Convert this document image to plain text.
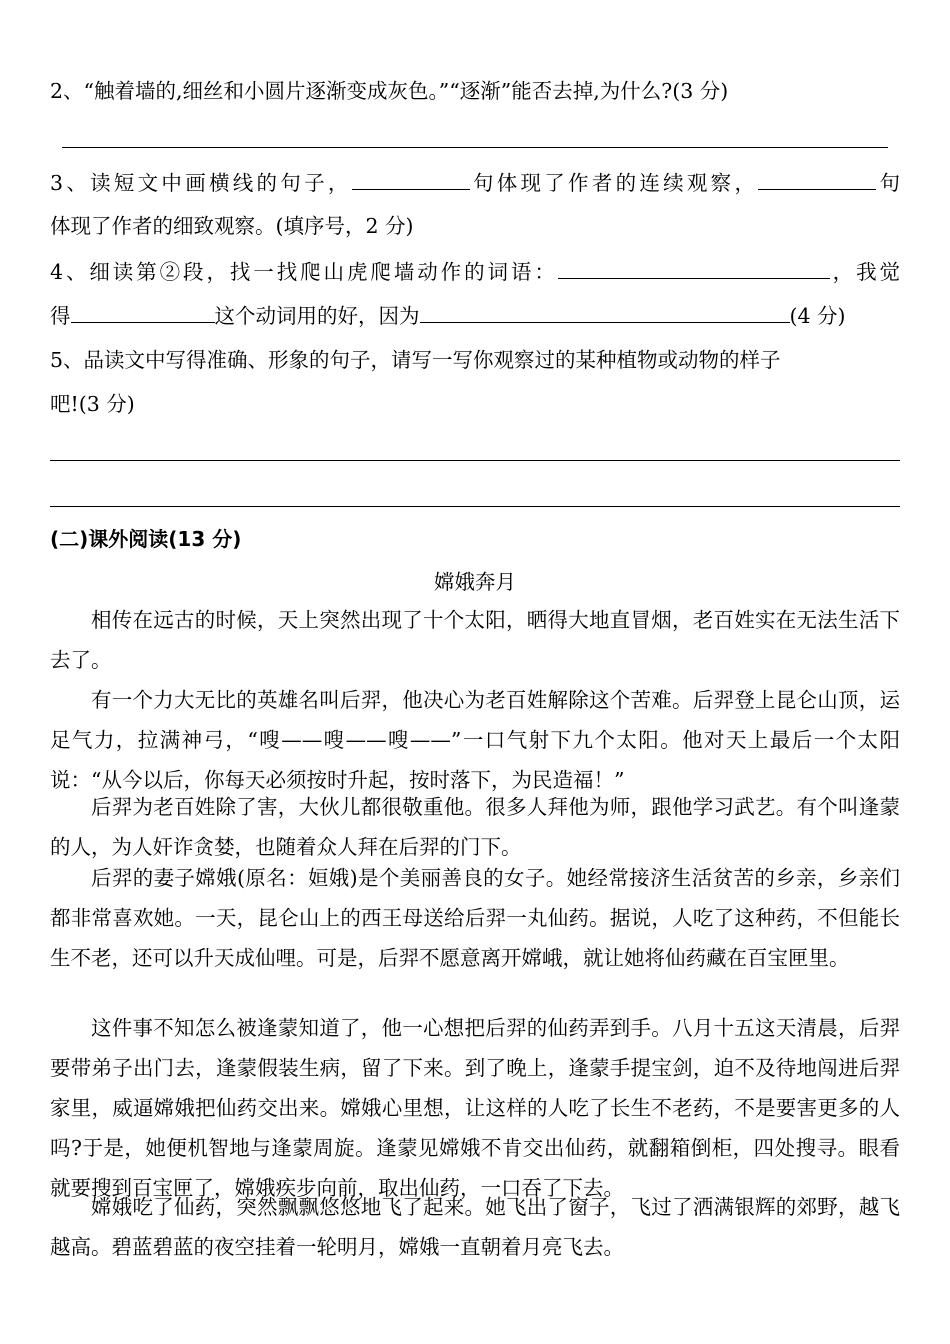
2、“触着墙的,细丝和小圆片逐渐变成灰色。”“逐渐”能否去掉,为什么?(3 分)
3、读短文中画横线的句子，	句体现了作者的连续观察，	句
体现了作者的细致观察。(填序号，2 分)
4、细读第②段，找一找爬山虎爬墙动作的词语：	，我觉
得	这个动词用的好，因为	(4 分)
5、品读文中写得准确、形象的句子，请写一写你观察过的某种植物或动物的样子
吧!(3 分)
(二)课外阅读(13 分)
嫦娥奔月

相传在远古的时候，天上突然出现了十个太阳，晒得大地直冒烟，老百姓实在无法生活下去了。

有一个力大无比的英雄名叫后羿，他决心为老百姓解除这个苦难。后羿登上昆仑山顶，运足气力，拉满神弓，“嗖——嗖——嗖——”一口气射下九个太阳。他对天上最后一个太阳说：“从今以后，你每天必须按时升起，按时落下，为民造福！”

后羿为老百姓除了害，大伙儿都很敬重他。很多人拜他为师，跟他学习武艺。有个叫逢蒙的人，为人奸诈贪婪，也随着众人拜在后羿的门下。

后羿的妻子嫦娥(原名：姮娥)是个美丽善良的女子。她经常接济生活贫苦的乡亲，乡亲们都非常喜欢她。一天，昆仑山上的西王母送给后羿一丸仙药。据说，人吃了这种药，不但能长生不老，还可以升天成仙哩。可是，后羿不愿意离开嫦峨，就让她将仙药藏在百宝匣里。

这件事不知怎么被逢蒙知道了，他一心想把后羿的仙药弄到手。八月十五这天清晨，后羿要带弟子出门去，逢蒙假装生病，留了下来。到了晚上，逢蒙手提宝剑，迫不及待地闯进后羿家里，威逼嫦娥把仙药交出来。嫦娥心里想，让这样的人吃了长生不老药，不是要害更多的人吗?于是，她便机智地与逢蒙周旋。逢蒙见嫦娥不肯交出仙药，就翻箱倒柜，四处搜寻。眼看就要搜到百宝匣了，嫦娥疾步向前，取出仙药，一口吞了下去。

嫦娥吃了仙药，突然飘飘悠悠地飞了起来。她飞出了窗子，飞过了洒满银辉的郊野，越飞越高。碧蓝碧蓝的夜空挂着一轮明月，嫦娥一直朝着月亮飞去。
